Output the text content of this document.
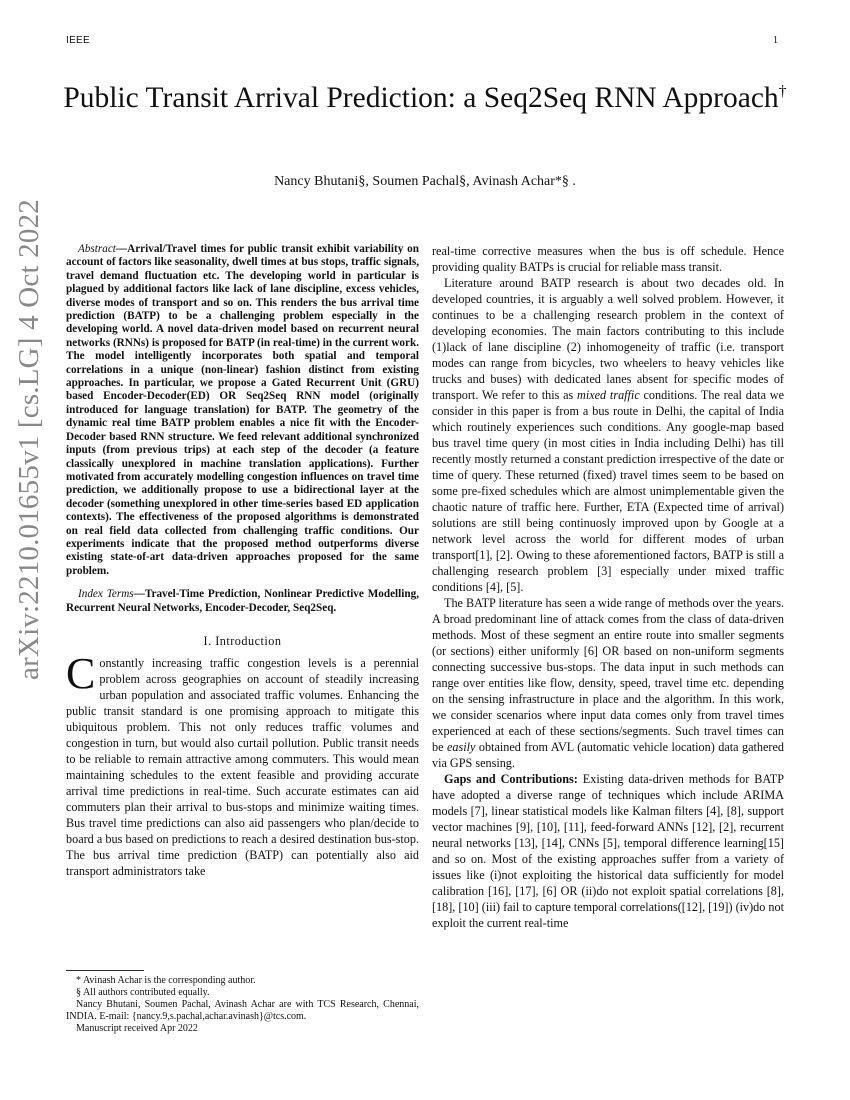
IEEE	1
Public Transit Arrival Prediction: a Seq2Seq RNN Approach†
Nancy Bhutani§, Soumen Pachal§, Avinash Achar*§ .
arXiv:2210.01655v1 [cs.LG] 4 Oct 2022	Abstract—Arrival/Travel times for public transit exhibit variability on account of factors like seasonality, dwell times at bus stops, traffic signals, travel demand fluctuation etc. The developing world in particular is plagued by additional factors like lack of lane discipline, excess vehicles, diverse modes of transport and so on. This renders the bus arrival time prediction (BATP) to be a challenging problem especially in the developing world. A novel data-driven model based on recurrent neural networks (RNNs) is proposed for BATP (in real-time) in the current work. The model intelligently incorporates both spatial and temporal correlations in a unique (non-linear) fashion distinct from existing approaches. In particular, we propose a Gated Recurrent Unit (GRU) based Encoder-Decoder(ED) OR Seq2Seq RNN model (originally introduced for language translation) for BATP. The geometry of the dynamic real time BATP problem enables a nice fit with the Encoder-Decoder based RNN structure. We feed relevant additional synchronized inputs (from previous trips) at each step of the decoder (a feature classically unexplored in machine translation applications). Further motivated from accurately modelling congestion influences on travel time prediction, we additionally propose to use a bidirectional layer at the decoder (something unexplored in other time-series based ED application contexts). The effectiveness of the proposed algorithms is demonstrated on real field data collected from challenging traffic conditions. Our experiments indicate that the proposed method outperforms diverse existing state-of-art data-driven approaches proposed for the same problem.

Index Terms—Travel-Time Prediction, Nonlinear Predictive Modelling, Recurrent Neural Networks, Encoder-Decoder, Seq2Seq.

I. Introduction

Constantly increasing traffic congestion levels is a perennial problem across geographies on account of steadily increasing urban population and associated traffic volumes. Enhancing the public transit standard is one promising approach to mitigate this ubiquitous problem. This not only reduces traffic volumes and congestion in turn, but would also curtail pollution. Public transit needs to be reliable to remain attractive among commuters. This would mean maintaining schedules to the extent feasible and providing accurate arrival time predictions in real-time. Such accurate estimates can aid commuters plan their arrival to bus-stops and minimize waiting times. Bus travel time predictions can also aid passengers who plan/decide to board a bus based on predictions to reach a desired destination bus-stop. The bus arrival time prediction (BATP) can potentially also aid transport administrators take

* Avinash Achar is the corresponding author.
§ All authors contributed equally.
Nancy Bhutani, Soumen Pachal, Avinash Achar are with TCS Research, Chennai, INDIA. E-mail: {nancy.9,s.pachal,achar.avinash}@tcs.com.
Manuscript received Apr 2022

real-time corrective measures when the bus is off schedule. Hence providing quality BATPs is crucial for reliable mass transit.

Literature around BATP research is about two decades old. In developed countries, it is arguably a well solved problem. However, it continues to be a challenging research problem in the context of developing economies. The main factors contributing to this include (1)lack of lane discipline (2) inhomogeneity of traffic (i.e. transport modes can range from bicycles, two wheelers to heavy vehicles like trucks and buses) with dedicated lanes absent for specific modes of transport. We refer to this as mixed traffic conditions. The real data we consider in this paper is from a bus route in Delhi, the capital of India which routinely experiences such conditions. Any google-map based bus travel time query (in most cities in India including Delhi) has till recently mostly returned a constant prediction irrespective of the date or time of query. These returned (fixed) travel times seem to be based on some pre-fixed schedules which are almost unimplementable given the chaotic nature of traffic here. Further, ETA (Expected time of arrival) solutions are still being continuosly improved upon by Google at a network level across the world for different modes of urban transport[1], [2]. Owing to these aforementioned factors, BATP is still a challenging research problem [3] especially under mixed traffic conditions [4], [5].

The BATP literature has seen a wide range of methods over the years. A broad predominant line of attack comes from the class of data-driven methods. Most of these segment an entire route into smaller segments (or sections) either uniformly [6] OR based on non-uniform segments connecting successive bus-stops. The data input in such methods can range over entities like flow, density, speed, travel time etc. depending on the sensing infrastructure in place and the algorithm. In this work, we consider scenarios where input data comes only from travel times experienced at each of these sections/segments. Such travel times can be easily obtained from AVL (automatic vehicle location) data gathered via GPS sensing.

Gaps and Contributions: Existing data-driven methods for BATP have adopted a diverse range of techniques which include ARIMA models [7], linear statistical models like Kalman filters [4], [8], support vector machines [9], [10], [11], feed-forward ANNs [12], [2], recurrent neural networks [13], [14], CNNs [5], temporal difference learning[15] and so on. Most of the existing approaches suffer from a variety of issues like (i)not exploiting the historical data sufficiently for model calibration [16], [17], [6] OR (ii)do not exploit spatial correlations [8], [18], [10] (iii) fail to capture temporal correlations([12], [19]) (iv)do not exploit the current real-time
